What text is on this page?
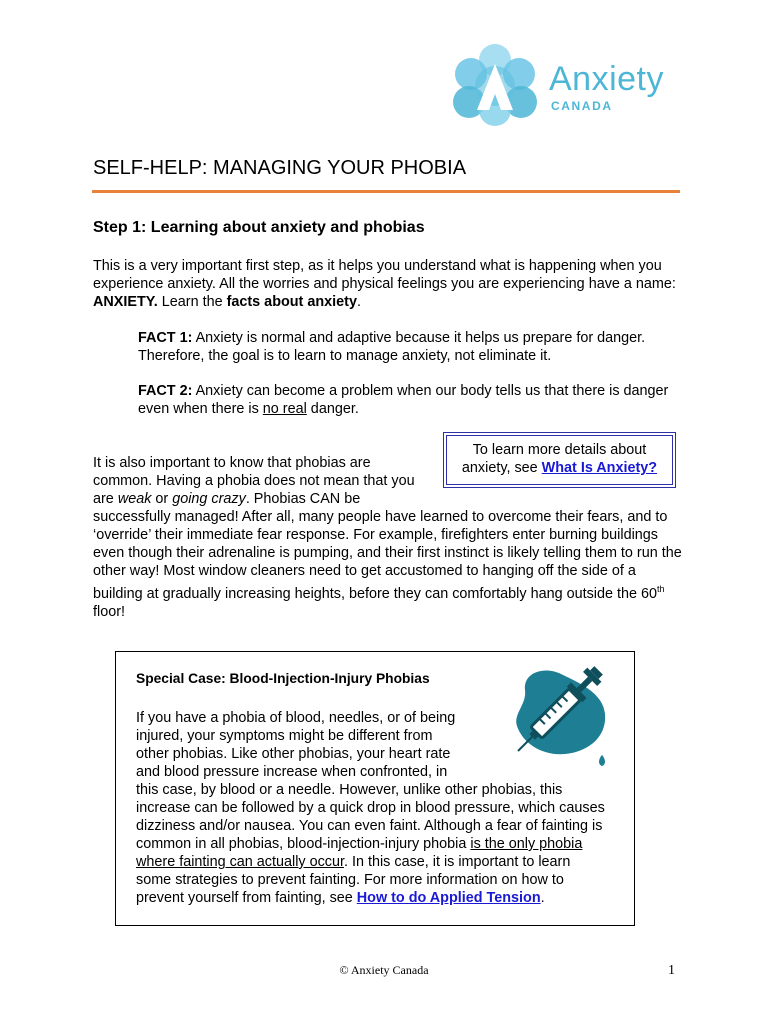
Anxiety
CANADA
SELF-HELP: MANAGING YOUR PHOBIA
Step 1: Learning about anxiety and phobias
This is a very important first step, as it helps you understand what is happening when you experience anxiety. All the worries and physical feelings you are experiencing have a name: ANXIETY. Learn the facts about anxiety.
FACT 1: Anxiety is normal and adaptive because it helps us prepare for danger. Therefore, the goal is to learn to manage anxiety, not eliminate it.
FACT 2: Anxiety can become a problem when our body tells us that there is danger even when there is no real danger.
It is also important to know that phobias are common. Having a phobia does not mean that you are weak or going crazy. Phobias CAN be successfully managed! After all, many people have learned to overcome their fears, and to ‘override’ their immediate fear response. For example, firefighters enter burning buildings even though their adrenaline is pumping, and their first instinct is likely telling them to run the other way! Most window cleaners need to get accustomed to hanging off the side of a building at gradually increasing heights, before they can comfortably hang outside the 60th floor!
To learn more details about
anxiety, see What Is Anxiety?
Special Case: Blood-Injection-Injury Phobias
If you have a phobia of blood, needles, or of being injured, your symptoms might be different from other phobias. Like other phobias, your heart rate and blood pressure increase when confronted, in this case, by blood or a needle. However, unlike other phobias, this increase can be followed by a quick drop in blood pressure, which causes dizziness and/or nausea. You can even faint. Although a fear of fainting is common in all phobias, blood-injection-injury phobia is the only phobia where fainting can actually occur. In this case, it is important to learn some strategies to prevent fainting. For more information on how to prevent yourself from fainting, see How to do Applied Tension.
© Anxiety Canada	1
